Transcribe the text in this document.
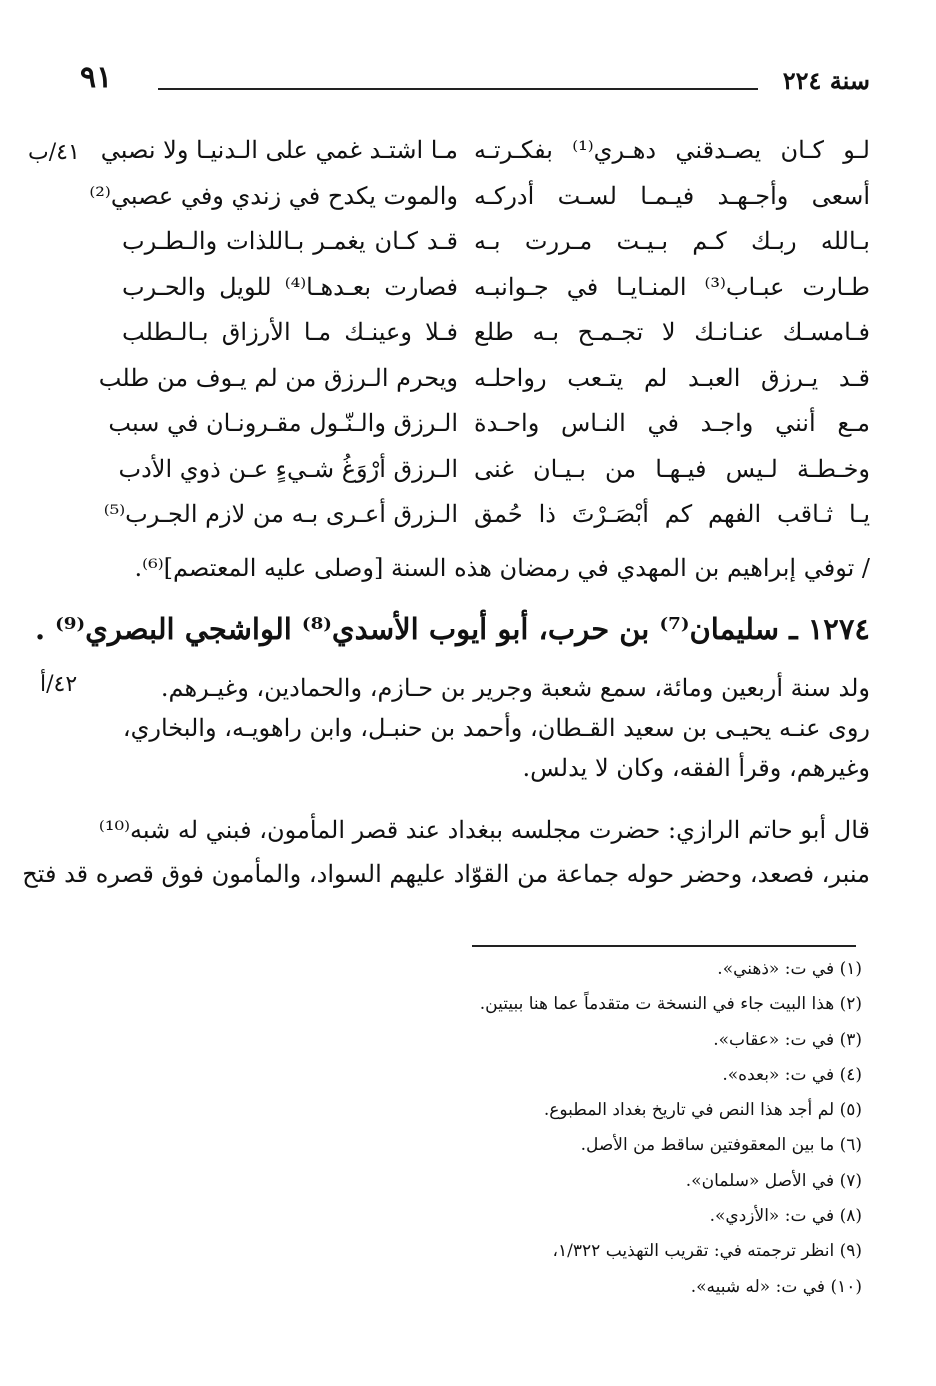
سنة ٢٢٤
٩١
لـو كـان يصـدقني دهـري⁽¹⁾ بفكـرتـه
أسعى وأجـهـد فيـمـا لسـت أدركـه
بـالله ربـك كـم بـيـت مـررت بـه
طـارت عبـاب⁽³⁾ المنـايـا في جـوانبـه
فـامسـك عنـانـك لا تجـمـح بـه طلع
قـد يـرزق العبـد لم يتـعب رواحلـه
مـع أنني واجـد في النـاس واحـدة
وخـطـة لـيس فيـهـا من بـيـان غنى
يـا ثـاقب الفهم كم أبْصَـرْتَ ذا حُمق
مـا اشتـد غمي على الـدنيـا ولا نصبي
والموت يكدح في زندي وفي عصبي⁽²⁾
قـد كـان يغمـر بـاللذات والـطـرب
فصارت بعـدهـا⁽⁴⁾ للويل والحـرب
فـلا وعينـك مـا الأرزاق بـالـطلب
ويحرم الـرزق من لم يـوف من طلب
الـرزق والـنّـول مقـرونـان في سبب
الـرزق أرْوَغُ شـيءٍ عـن ذوي الأدب
الـزرق أعـرى بـه من لازم الجـرب⁽⁵⁾
٤١/ب
/ توفي إبراهيم بن المهدي في رمضان هذه السنة [وصلى عليه المعتصم]⁽⁶⁾.
١٢٧٤ ـ سليمان⁽⁷⁾ بن حرب، أبو أيوب الأسدي⁽⁸⁾ الواشجي البصري⁽⁹⁾ .
٤٢/أ	ولد سنة أربعين ومائة، سمع شعبة وجرير بن حـازم، والحمادين، وغيـرهم.
روى عنـه يحيـى بن سعيد القـطان، وأحمد بن حنبـل، وابن راهويـه، والبخاري،
وغيرهم، وقرأ الفقه، وكان لا يدلس.
قال أبو حاتم الرازي: حضرت مجلسه ببغداد عند قصر المأمون، فبني له شبه⁽¹⁰⁾
منبر، فصعد، وحضر حوله جماعة من القوّاد عليهم السواد، والمأمون فوق قصره قد فتح
(١) في ت: «ذهني».
(٢) هذا البيت جاء في النسخة ت متقدماً عما هنا ببيتين.
(٣) في ت: «عقاب».
(٤) في ت: «بعده».
(٥) لم أجد هذا النص في تاريخ بغداد المطبوع.
(٦) ما بين المعقوفتين ساقط من الأصل.
(٧) في الأصل «سلمان».
(٨) في ت: «الأزدي».
(٩) انظر ترجمته في: تقريب التهذيب ١/٣٢٢،
(١٠) في ت: «له شبيه».
